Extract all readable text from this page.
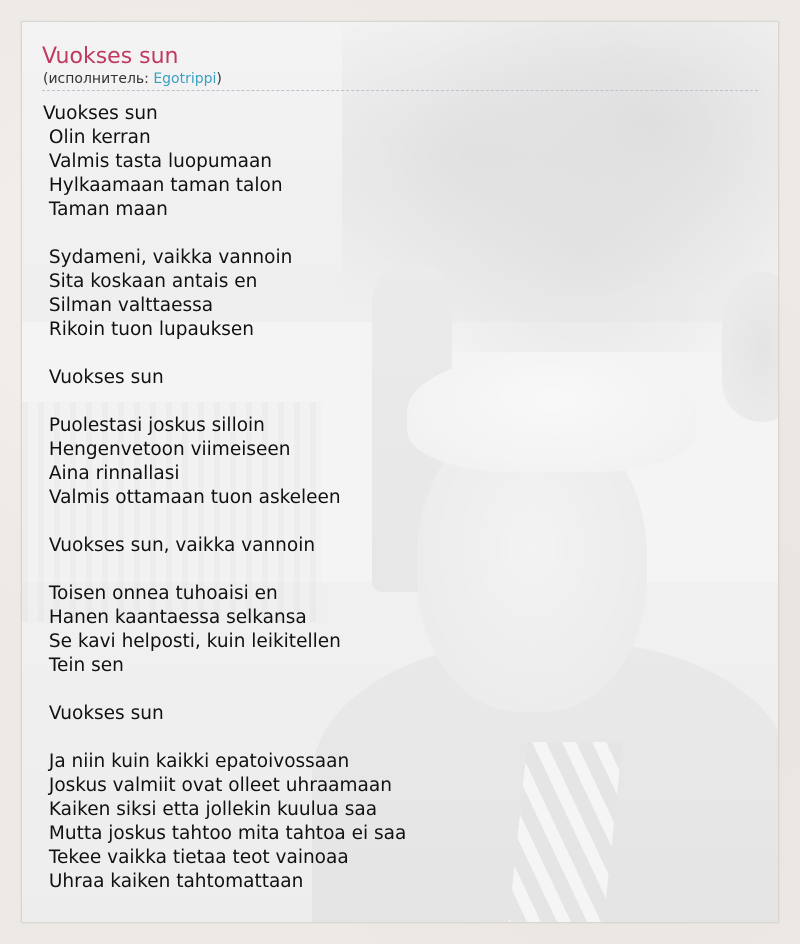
Vuokses sun
(исполнитель: Egotrippi)
Vuokses sun
Olin kerran
Valmis tasta luopumaan
Hylkaamaan taman talon
Taman maan
Sydameni, vaikka vannoin
Sita koskaan antais en
Silman valttaessa
Rikoin tuon lupauksen
Vuokses sun
Puolestasi joskus silloin
Hengenvetoon viimeiseen
Aina rinnallasi
Valmis ottamaan tuon askeleen
Vuokses sun, vaikka vannoin
Toisen onnea tuhoaisi en
Hanen kaantaessa selkansa
Se kavi helposti, kuin leikitellen
Tein sen
Vuokses sun
Ja niin kuin kaikki epatoivossaan
Joskus valmiit ovat olleet uhraamaan
Kaiken siksi etta jollekin kuulua saa
Mutta joskus tahtoo mita tahtoa ei saa
Tekee vaikka tietaa teot vainoaa
Uhraa kaiken tahtomattaan
